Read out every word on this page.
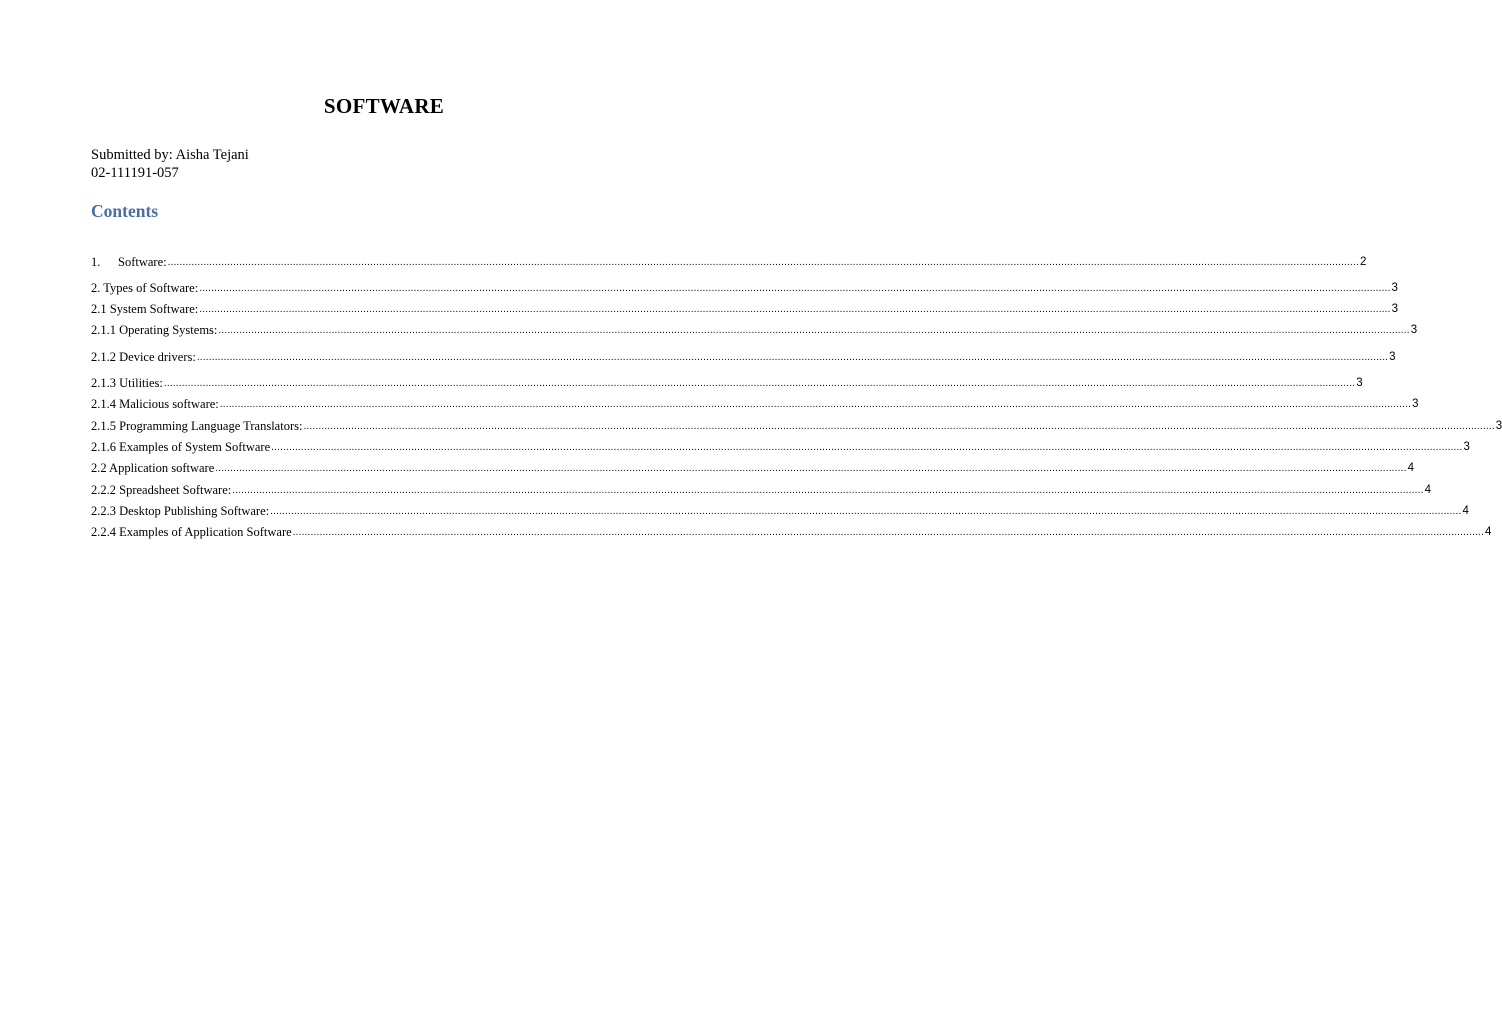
SOFTWARE
Submitted by: Aisha Tejani
02-111191-057
Contents
1. Software: ................................................................................................................................................................................................................................................................................................................................................................................................................ 2
2. Types of Software: ................................................................................................................................................................................................................................................................................................................................................................................................................ 3
2.1 System Software: ................................................................................................................................................................................................................................................................................................................................................................................................................ 3
2.1.1 Operating Systems: ................................................................................................................................................................................................................................................................................................................................................................................................................ 3
2.1.2 Device drivers: ................................................................................................................................................................................................................................................................................................................................................................................................................ 3
2.1.3 Utilities: ................................................................................................................................................................................................................................................................................................................................................................................................................ 3
2.1.4 Malicious software: ................................................................................................................................................................................................................................................................................................................................................................................................................ 3
2.1.5 Programming Language Translators: ................................................................................................................................................................................................................................................................................................................................................................................................................ 3
2.1.6 Examples of System Software ................................................................................................................................................................................................................................................................................................................................................................................................................ 3
2.2 Application software ................................................................................................................................................................................................................................................................................................................................................................................................................ 4
2.2.2 Spreadsheet Software: ................................................................................................................................................................................................................................................................................................................................................................................................................ 4
2.2.3 Desktop Publishing Software: ................................................................................................................................................................................................................................................................................................................................................................................................................ 4
2.2.4 Examples of Application Software ................................................................................................................................................................................................................................................................................................................................................................................................................ 4
